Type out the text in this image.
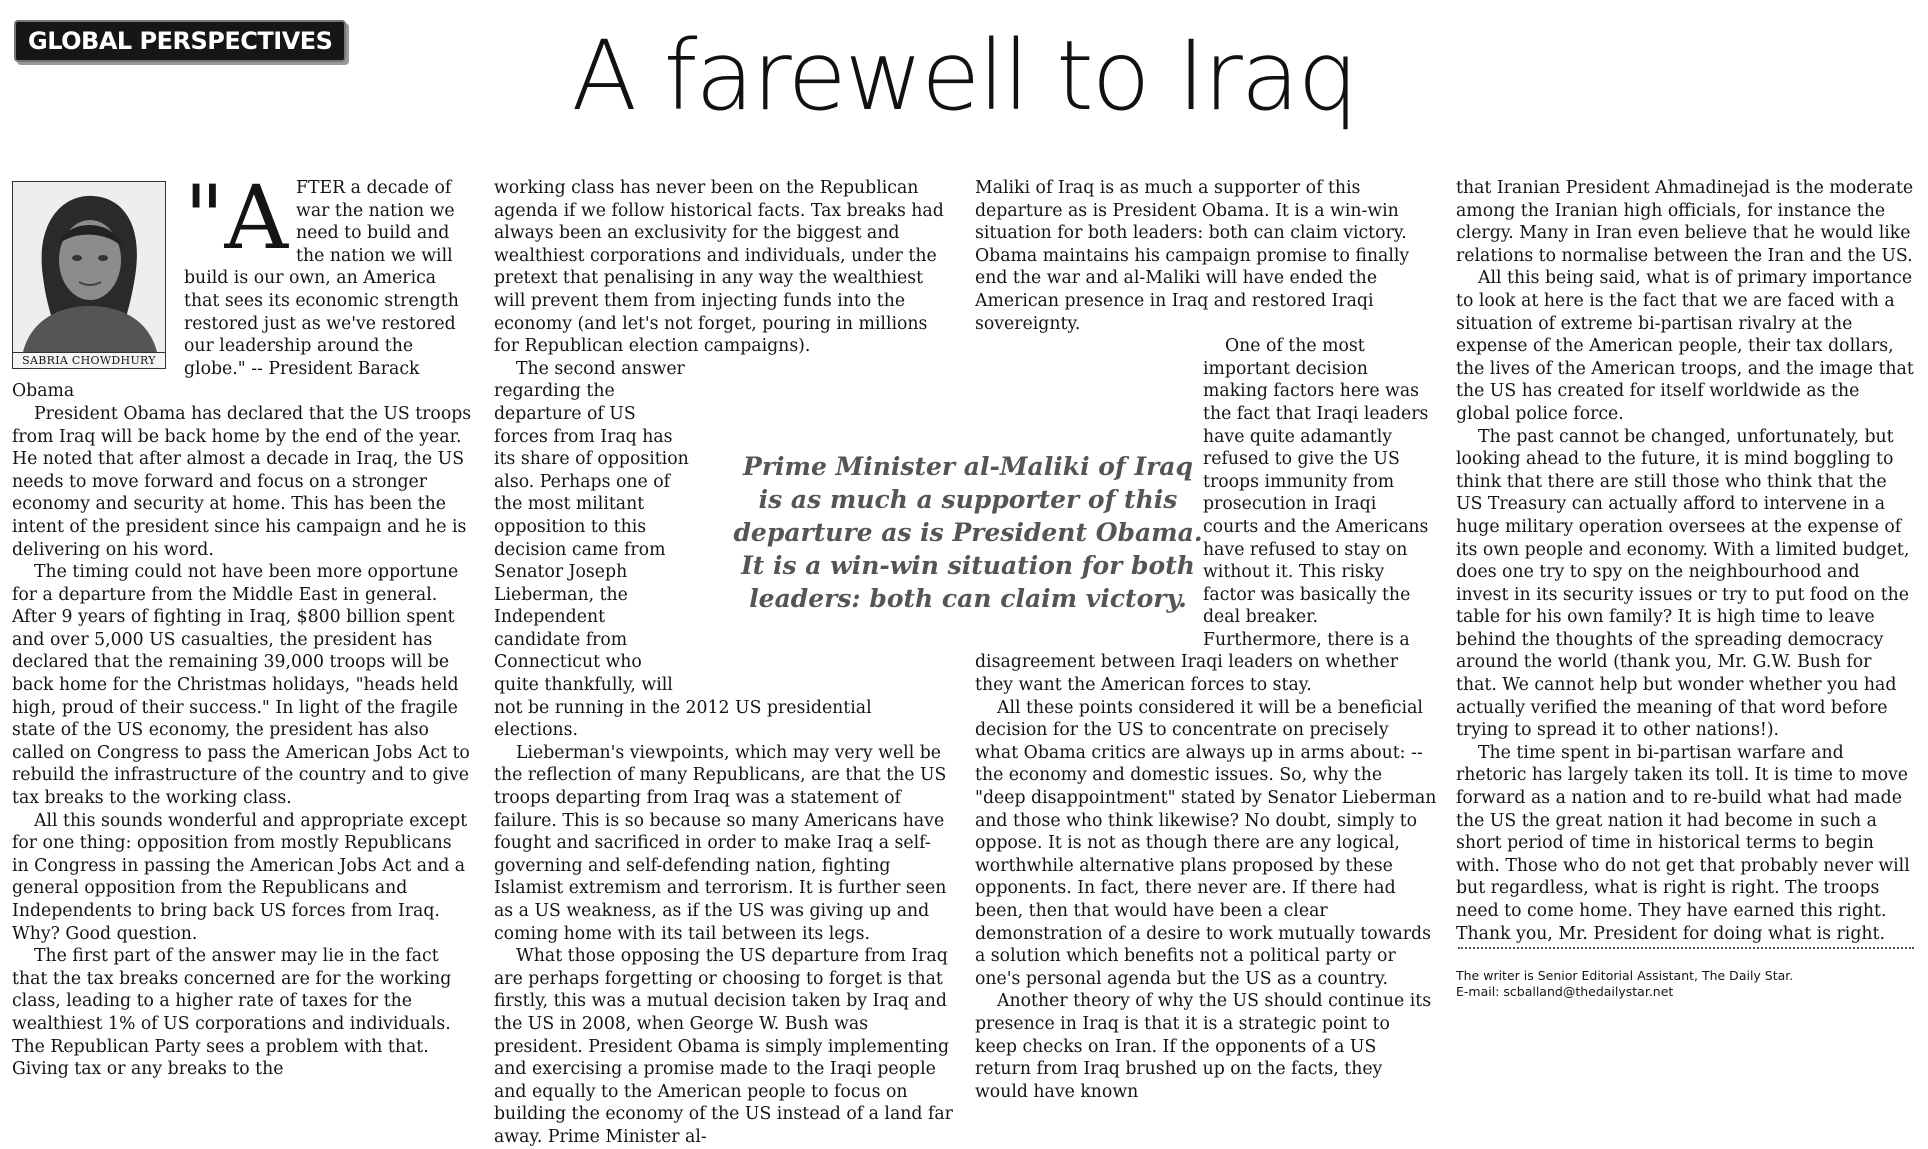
GLOBAL PERSPECTIVES	A farewell to Iraq
SABRIA CHOWDHURY
"A FTER a decade of war the nation we need to build and the nation we will build is our own, an America that sees its economic strength restored just as we've restored our leadership around the globe." -- President Barack Obama

President Obama has declared that the US troops from Iraq will be back home by the end of the year. He noted that after almost a decade in Iraq, the US needs to move forward and focus on a stronger economy and security at home. This has been the intent of the president since his campaign and he is delivering on his word.

The timing could not have been more opportune for a departure from the Middle East in general. After 9 years of fighting in Iraq, $800 billion spent and over 5,000 US casualties, the president has declared that the remaining 39,000 troops will be back home for the Christmas holidays, "heads held high, proud of their success." In light of the fragile state of the US economy, the president has also called on Congress to pass the American Jobs Act to rebuild the infrastructure of the country and to give tax breaks to the working class.

All this sounds wonderful and appropriate except for one thing: opposition from mostly Republicans in Congress in passing the American Jobs Act and a general opposition from the Republicans and Independents to bring back US forces from Iraq. Why? Good question.

The first part of the answer may lie in the fact that the tax breaks concerned are for the working class, leading to a higher rate of taxes for the wealthiest 1% of US corporations and individuals. The Republican Party sees a problem with that. Giving tax or any breaks to the

working class has never been on the Republican agenda if we follow historical facts. Tax breaks had always been an exclusivity for the biggest and wealthiest corporations and individuals, under the pretext that penalising in any way the wealthiest will prevent them from injecting funds into the economy (and let's not forget, pouring in millions for Republican election campaigns).

The second answer regarding the departure of US forces from Iraq has its share of opposition also. Perhaps one of the most militant opposition to this decision came from Senator Joseph Lieberman, the Independent candidate from Connecticut who quite thankfully, will not be running in the 2012 US presidential elections.

Lieberman's viewpoints, which may very well be the reflection of many Republicans, are that the US troops departing from Iraq was a statement of failure. This is so because so many Americans have fought and sacrificed in order to make Iraq a self-governing and self-defending nation, fighting Islamist extremism and terrorism. It is further seen as a US weakness, as if the US was giving up and coming home with its tail between its legs.

What those opposing the US departure from Iraq are perhaps forgetting or choosing to forget is that firstly, this was a mutual decision taken by Iraq and the US in 2008, when George W. Bush was president. President Obama is simply implementing and exercising a promise made to the Iraqi people and equally to the American people to focus on building the economy of the US instead of a land far away. Prime Minister al-

Maliki of Iraq is as much a supporter of this departure as is President Obama. It is a win-win situation for both leaders: both can claim victory. Obama maintains his campaign promise to finally end the war and al-Maliki will have ended the American presence in Iraq and restored Iraqi sovereignty.

One of the most important decision making factors here was the fact that Iraqi leaders have quite adamantly refused to give the US troops immunity from prosecution in Iraqi courts and the Americans have refused to stay on without it. This risky factor was basically the deal breaker. Furthermore, there is a disagreement between Iraqi leaders on whether they want the American forces to stay.

All these points considered it will be a beneficial decision for the US to concentrate on precisely what Obama critics are always up in arms about: -- the economy and domestic issues. So, why the "deep disappointment" stated by Senator Lieberman and those who think likewise? No doubt, simply to oppose. It is not as though there are any logical, worthwhile alternative plans proposed by these opponents. In fact, there never are. If there had been, then that would have been a clear demonstration of a desire to work mutually towards a solution which benefits not a political party or one's personal agenda but the US as a country.

Another theory of why the US should continue its presence in Iraq is that it is a strategic point to keep checks on Iran. If the opponents of a US return from Iraq brushed up on the facts, they would have known

that Iranian President Ahmadinejad is the moderate among the Iranian high officials, for instance the clergy. Many in Iran even believe that he would like relations to normalise between the Iran and the US.

All this being said, what is of primary importance to look at here is the fact that we are faced with a situation of extreme bi-partisan rivalry at the expense of the American people, their tax dollars, the lives of the American troops, and the image that the US has created for itself worldwide as the global police force.

The past cannot be changed, unfortunately, but looking ahead to the future, it is mind boggling to think that there are still those who think that the US Treasury can actually afford to intervene in a huge military operation oversees at the expense of its own people and economy. With a limited budget, does one try to spy on the neighbourhood and invest in its security issues or try to put food on the table for his own family? It is high time to leave behind the thoughts of the spreading democracy around the world (thank you, Mr. G.W. Bush for that. We cannot help but wonder whether you had actually verified the meaning of that word before trying to spread it to other nations!).

The time spent in bi-partisan warfare and rhetoric has largely taken its toll. It is time to move forward as a nation and to re-build what had made the US the great nation it had become in such a short period of time in historical terms to begin with. Those who do not get that probably never will but regardless, what is right is right. The troops need to come home. They have earned this right. Thank you, Mr. President for doing what is right.

Prime Minister al-Maliki of Iraq is as much a supporter of this departure as is President Obama. It is a win-win situation for both leaders: both can claim victory.
The writer is Senior Editorial Assistant, The Daily Star.
E-mail: scballand@thedailystar.net
